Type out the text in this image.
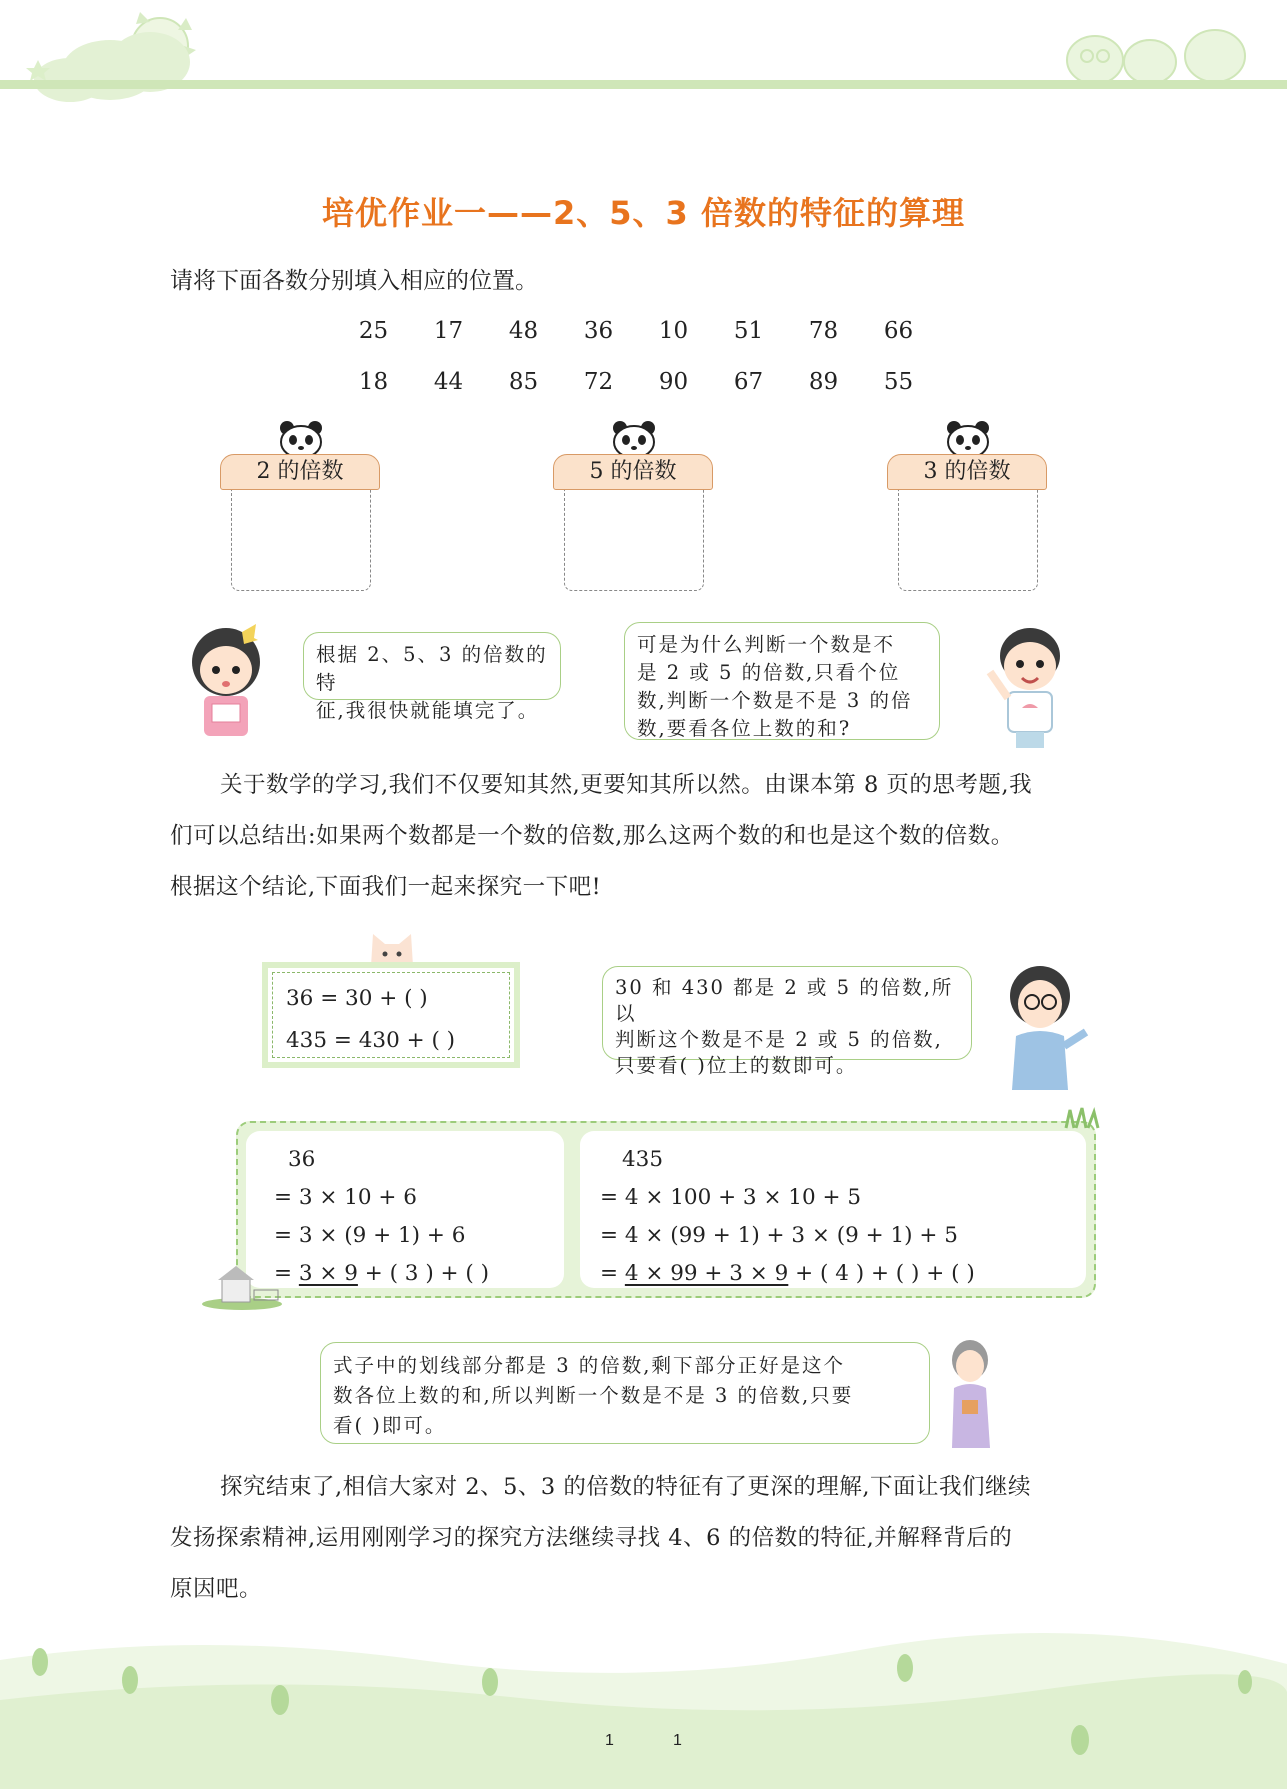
培优作业一——2、5、3 倍数的特征的算理
请将下面各数分别填入相应的位置。
25	17	48	36	10	51	78	66
18	44	85	72	90	67	89	55
2 的倍数	5 的倍数	3 的倍数
根据 2、5、3 的倍数的特
征,我很快就能填完了。
可是为什么判断一个数是不
是 2 或 5 的倍数,只看个位
数,判断一个数是不是 3 的倍
数,要看各位上数的和?
关于数学的学习,我们不仅要知其然,更要知其所以然。由课本第 8 页的思考题,我
们可以总结出:如果两个数都是一个数的倍数,那么这两个数的和也是这个数的倍数。
根据这个结论,下面我们一起来探究一下吧!
36 = 30 + ( )
435 = 430 + ( )
30 和 430 都是 2 或 5 的倍数,所以
判断这个数是不是 2 或 5 的倍数,
只要看( )位上的数即可。
36
= 3 × 10 + 6
= 3 × (9 + 1) + 6
= 3 × 9 + ( 3 ) + ( )
435
= 4 × 100 + 3 × 10 + 5
= 4 × (99 + 1) + 3 × (9 + 1) + 5
= 4 × 99 + 3 × 9 + ( 4 ) + ( ) + ( )
式子中的划线部分都是 3 的倍数,剩下部分正好是这个
数各位上数的和,所以判断一个数是不是 3 的倍数,只要
看( )即可。
探究结束了,相信大家对 2、5、3 的倍数的特征有了更深的理解,下面让我们继续
发扬探索精神,运用刚刚学习的探究方法继续寻找 4、6 的倍数的特征,并解释背后的
原因吧。
1	1
